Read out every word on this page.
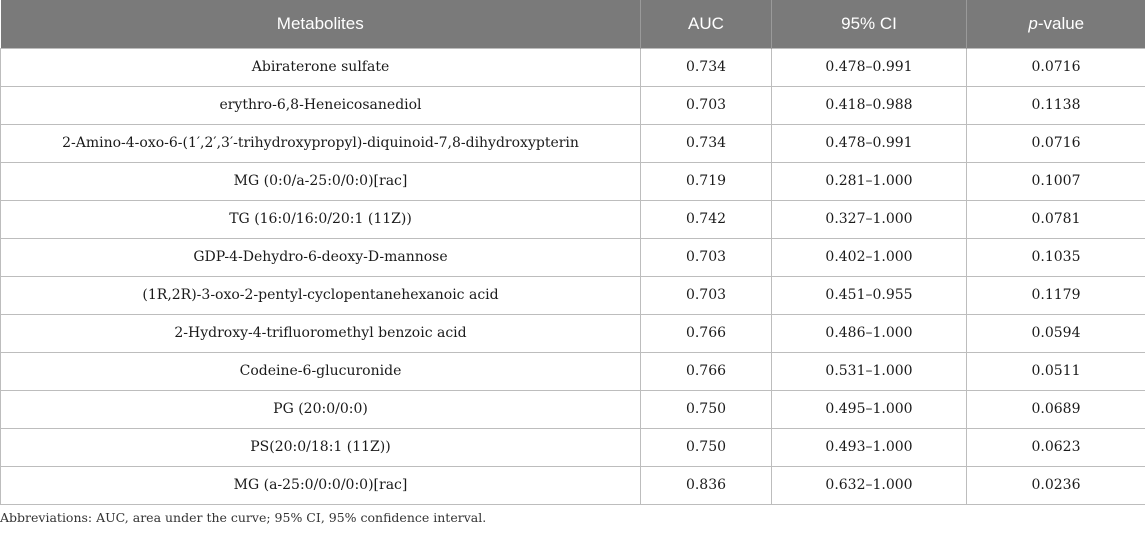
Metabolites	AUC	95% CI	p-value
Abiraterone sulfate	0.734	0.478–0.991	0.0716
erythro-6,8-Heneicosanediol	0.703	0.418–0.988	0.1138
2-Amino-4-oxo-6-(1′,2′,3′-trihydroxypropyl)-diquinoid-7,8-dihydroxypterin	0.734	0.478–0.991	0.0716
MG (0:0/a-25:0/0:0)[rac]	0.719	0.281–1.000	0.1007
TG (16:0/16:0/20:1 (11Z))	0.742	0.327–1.000	0.0781
GDP-4-Dehydro-6-deoxy-D-mannose	0.703	0.402–1.000	0.1035
(1R,2R)-3-oxo-2-pentyl-cyclopentanehexanoic acid	0.703	0.451–0.955	0.1179
2-Hydroxy-4-trifluoromethyl benzoic acid	0.766	0.486–1.000	0.0594
Codeine-6-glucuronide	0.766	0.531–1.000	0.0511
PG (20:0/0:0)	0.750	0.495–1.000	0.0689
PS(20:0/18:1 (11Z))	0.750	0.493–1.000	0.0623
MG (a-25:0/0:0/0:0)[rac]	0.836	0.632–1.000	0.0236
Abbreviations: AUC, area under the curve; 95% CI, 95% confidence interval.
